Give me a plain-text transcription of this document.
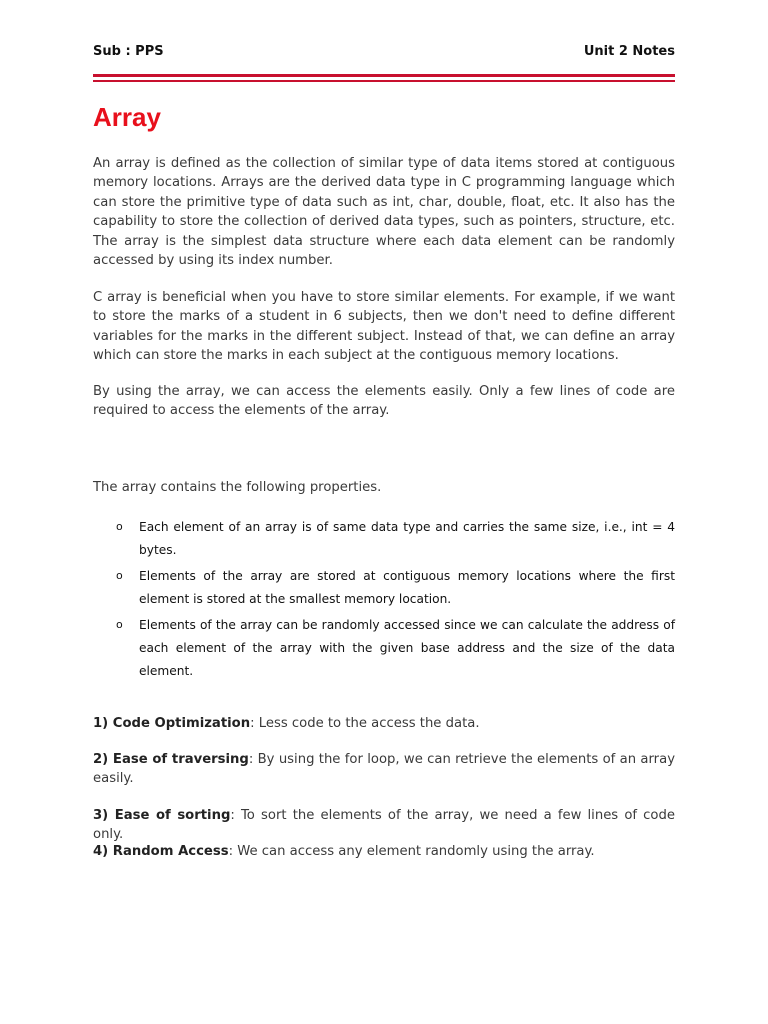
Sub : PPS	Unit 2 Notes
Array

An array is defined as the collection of similar type of data items stored at contiguous memory locations. Arrays are the derived data type in C programming language which can store the primitive type of data such as int, char, double, float, etc. It also has the capability to store the collection of derived data types, such as pointers, structure, etc. The array is the simplest data structure where each data element can be randomly accessed by using its index number.

C array is beneficial when you have to store similar elements. For example, if we want to store the marks of a student in 6 subjects, then we don't need to define different variables for the marks in the different subject. Instead of that, we can define an array which can store the marks in each subject at the contiguous memory locations.

By using the array, we can access the elements easily. Only a few lines of code are required to access the elements of the array.

The array contains the following properties.

o Each element of an array is of same data type and carries the same size, i.e., int = 4 bytes.
o Elements of the array are stored at contiguous memory locations where the first element is stored at the smallest memory location.
o Elements of the array can be randomly accessed since we can calculate the address of each element of the array with the given base address and the size of the data element.

1) Code Optimization: Less code to the access the data.

2) Ease of traversing: By using the for loop, we can retrieve the elements of an array easily.

3) Ease of sorting: To sort the elements of the array, we need a few lines of code only.

4) Random Access: We can access any element randomly using the array.
